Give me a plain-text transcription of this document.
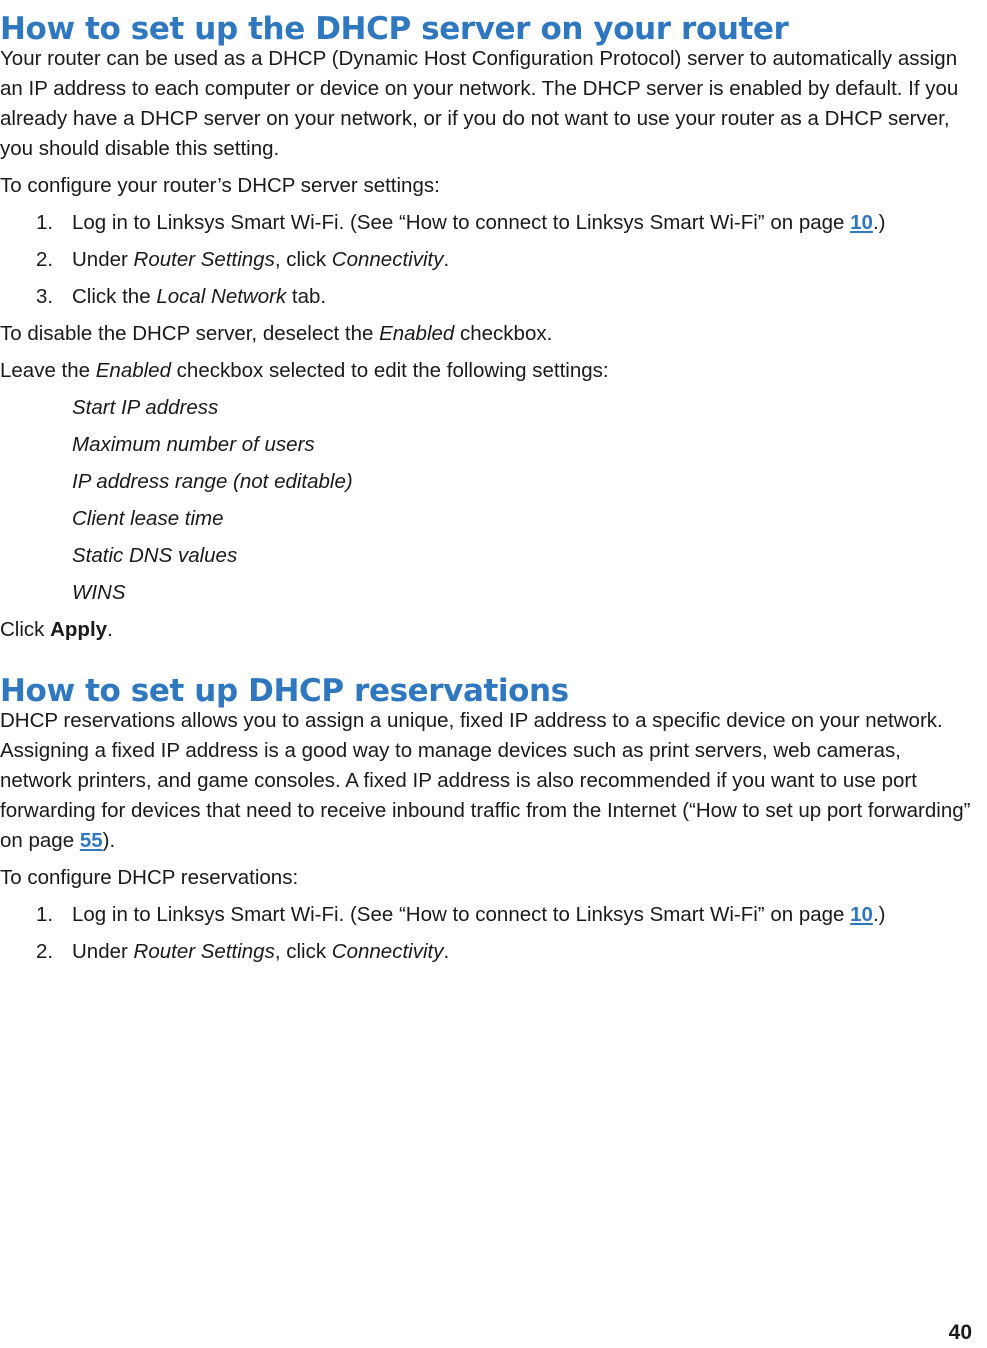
How to set up the DHCP server on your router

Your router can be used as a DHCP (Dynamic Host Configuration Protocol) server to automatically assign an IP address to each computer or device on your network. The DHCP server is enabled by default. If you already have a DHCP server on your network, or if you do not want to use your router as a DHCP server, you should disable this setting.

To configure your router’s DHCP server settings:

1. Log in to Linksys Smart Wi-Fi. (See “How to connect to Linksys Smart Wi-Fi” on page 10.)
2. Under Router Settings, click Connectivity.
3. Click the Local Network tab.

To disable the DHCP server, deselect the Enabled checkbox.

Leave the Enabled checkbox selected to edit the following settings:

Start IP address
Maximum number of users
IP address range (not editable)
Client lease time
Static DNS values
WINS

Click Apply.

How to set up DHCP reservations

DHCP reservations allows you to assign a unique, fixed IP address to a specific device on your network. Assigning a fixed IP address is a good way to manage devices such as print servers, web cameras, network printers, and game consoles. A fixed IP address is also recommended if you want to use port forwarding for devices that need to receive inbound traffic from the Internet (“How to set up port forwarding” on page 55).

To configure DHCP reservations:

1. Log in to Linksys Smart Wi-Fi. (See “How to connect to Linksys Smart Wi-Fi” on page 10.)
2. Under Router Settings, click Connectivity.
40
